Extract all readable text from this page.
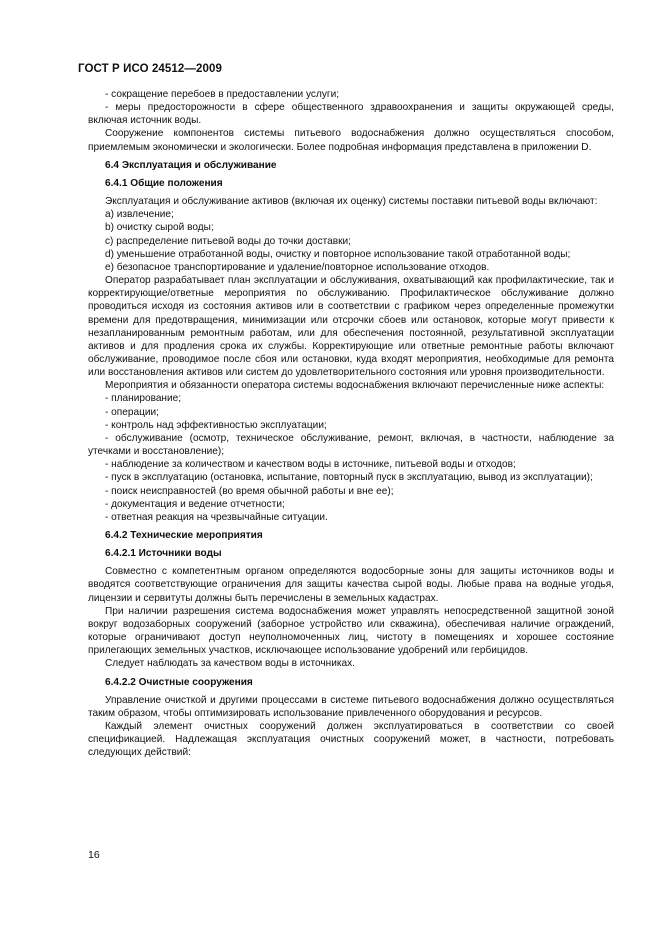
ГОСТ Р ИСО 24512—2009

- сокращение перебоев в предоставлении услуги;

- меры предосторожности в сфере общественного здравоохранения и защиты окружающей среды, включая источник воды.

Сооружение компонентов системы питьевого водоснабжения должно осуществляться способом, приемлемым экономически и экологически. Более подробная информация представлена в приложении D.

6.4 Эксплуатация и обслуживание

6.4.1 Общие положения

Эксплуатация и обслуживание активов (включая их оценку) системы поставки питьевой воды включают:

a) извлечение;

b) очистку сырой воды;

c) распределение питьевой воды до точки доставки;

d) уменьшение отработанной воды, очистку и повторное использование такой отработанной воды;

e) безопасное транспортирование и удаление/повторное использование отходов.

Оператор разрабатывает план эксплуатации и обслуживания, охватывающий как профилактические, так и корректирующие/ответные мероприятия по обслуживанию. Профилактическое обслуживание должно проводиться исходя из состояния активов или в соответствии с графиком через определенные промежутки времени для предотвращения, минимизации или отсрочки сбоев или остановок, которые могут привести к незапланированным ремонтным работам, или для обеспечения постоянной, результативной эксплуатации активов и для продления срока их службы. Корректирующие или ответные ремонтные работы включают обслуживание, проводимое после сбоя или остановки, куда входят мероприятия, необходимые для ремонта или восстановления активов или систем до удовлетворительного состояния или уровня производительности.

Мероприятия и обязанности оператора системы водоснабжения включают перечисленные ниже аспекты:

- планирование;

- операции;

- контроль над эффективностью эксплуатации;

- обслуживание (осмотр, техническое обслуживание, ремонт, включая, в частности, наблюдение за утечками и восстановление);

- наблюдение за количеством и качеством воды в источнике, питьевой воды и отходов;

- пуск в эксплуатацию (остановка, испытание, повторный пуск в эксплуатацию, вывод из эксплуатации);

- поиск неисправностей (во время обычной работы и вне ее);

- документация и ведение отчетности;

- ответная реакция на чрезвычайные ситуации.

6.4.2 Технические мероприятия

6.4.2.1 Источники воды

Совместно с компетентным органом определяются водосборные зоны для защиты источников воды и вводятся соответствующие ограничения для защиты качества сырой воды. Любые права на водные угодья, лицензии и сервитуты должны быть перечислены в земельных кадастрах.

При наличии разрешения система водоснабжения может управлять непосредственной защитной зоной вокруг водозаборных сооружений (заборное устройство или скважина), обеспечивая наличие ограждений, которые ограничивают доступ неуполномоченных лиц, чистоту в помещениях и хорошее состояние прилегающих земельных участков, исключающее использование удобрений или гербицидов.

Следует наблюдать за качеством воды в источниках.

6.4.2.2 Очистные сооружения

Управление очисткой и другими процессами в системе питьевого водоснабжения должно осуществляться таким образом, чтобы оптимизировать использование привлеченного оборудования и ресурсов.

Каждый элемент очистных сооружений должен эксплуатироваться в соответствии со своей спецификацией. Надлежащая эксплуатация очистных сооружений может, в частности, потребовать следующих действий:

16
